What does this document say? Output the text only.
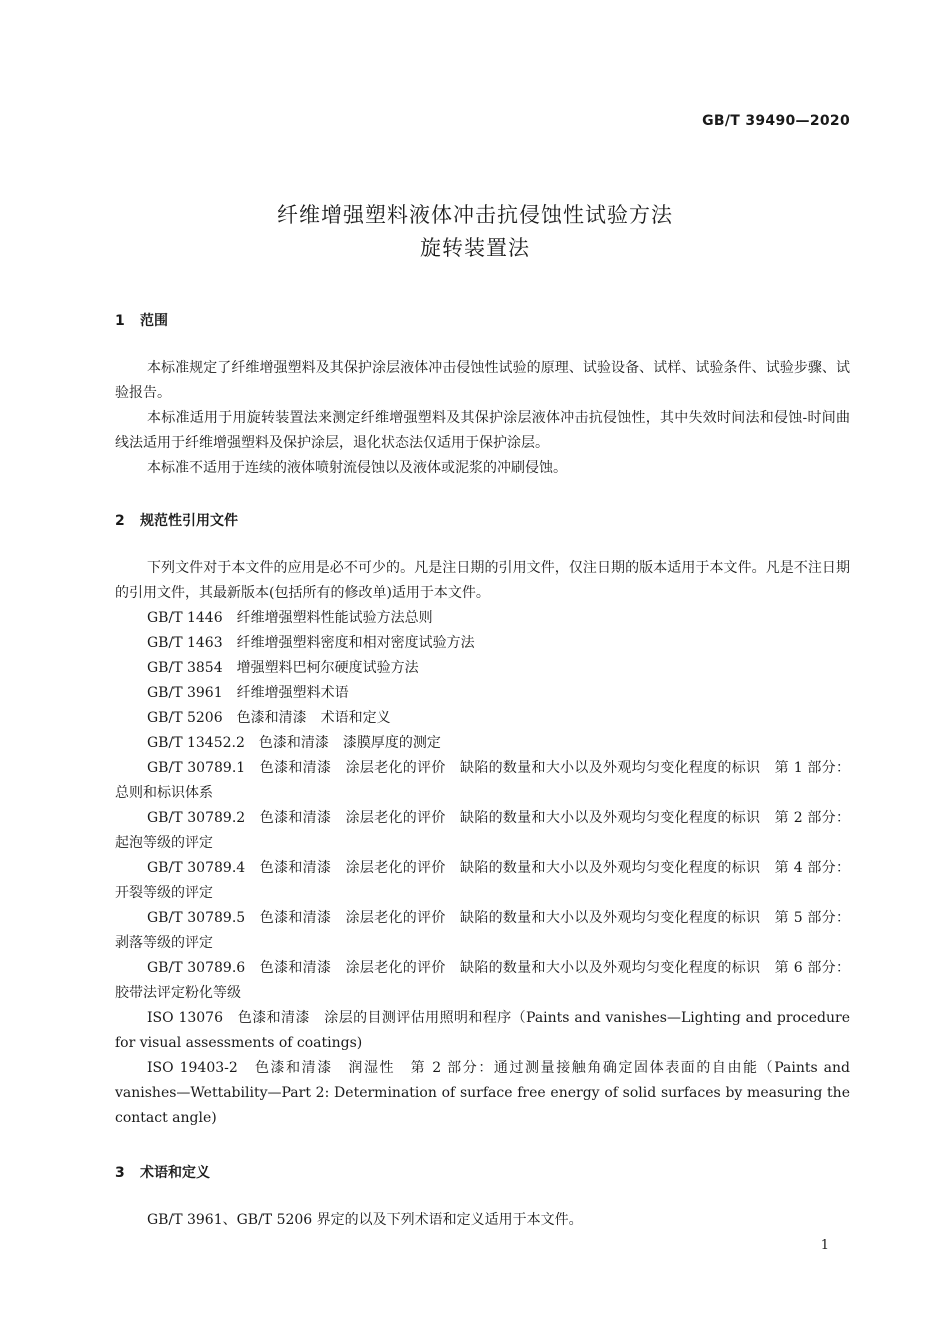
GB/T 39490—2020
纤维增强塑料液体冲击抗侵蚀性试验方法
旋转装置法
1 范围

本标准规定了纤维增强塑料及其保护涂层液体冲击侵蚀性试验的原理、试验设备、试样、试验条件、试验步骤、试验报告。

本标准适用于用旋转装置法来测定纤维增强塑料及其保护涂层液体冲击抗侵蚀性，其中失效时间法和侵蚀-时间曲线法适用于纤维增强塑料及保护涂层，退化状态法仅适用于保护涂层。

本标准不适用于连续的液体喷射流侵蚀以及液体或泥浆的冲刷侵蚀。

2 规范性引用文件

下列文件对于本文件的应用是必不可少的。凡是注日期的引用文件，仅注日期的版本适用于本文件。凡是不注日期的引用文件，其最新版本(包括所有的修改单)适用于本文件。

GB/T 1446　纤维增强塑料性能试验方法总则
GB/T 1463　纤维增强塑料密度和相对密度试验方法
GB/T 3854　增强塑料巴柯尔硬度试验方法
GB/T 3961　纤维增强塑料术语
GB/T 5206　色漆和清漆　术语和定义
GB/T 13452.2　色漆和清漆　漆膜厚度的测定

GB/T 30789.1　色漆和清漆　涂层老化的评价　缺陷的数量和大小以及外观均匀变化程度的标识　第 1 部分：总则和标识体系

GB/T 30789.2　色漆和清漆　涂层老化的评价　缺陷的数量和大小以及外观均匀变化程度的标识　第 2 部分：起泡等级的评定

GB/T 30789.4　色漆和清漆　涂层老化的评价　缺陷的数量和大小以及外观均匀变化程度的标识　第 4 部分：开裂等级的评定

GB/T 30789.5　色漆和清漆　涂层老化的评价　缺陷的数量和大小以及外观均匀变化程度的标识　第 5 部分：剥落等级的评定

GB/T 30789.6　色漆和清漆　涂层老化的评价　缺陷的数量和大小以及外观均匀变化程度的标识　第 6 部分：胶带法评定粉化等级

ISO 13076　色漆和清漆　涂层的目测评估用照明和程序（Paints and vanishes—Lighting and procedure for visual assessments of coatings)

ISO 19403-2　色漆和清漆　润湿性　第 2 部分：通过测量接触角确定固体表面的自由能（Paints and vanishes—Wettability—Part 2: Determination of surface free energy of solid surfaces by measuring the contact angle)

3 术语和定义

GB/T 3961、GB/T 5206 界定的以及下列术语和定义适用于本文件。

1
